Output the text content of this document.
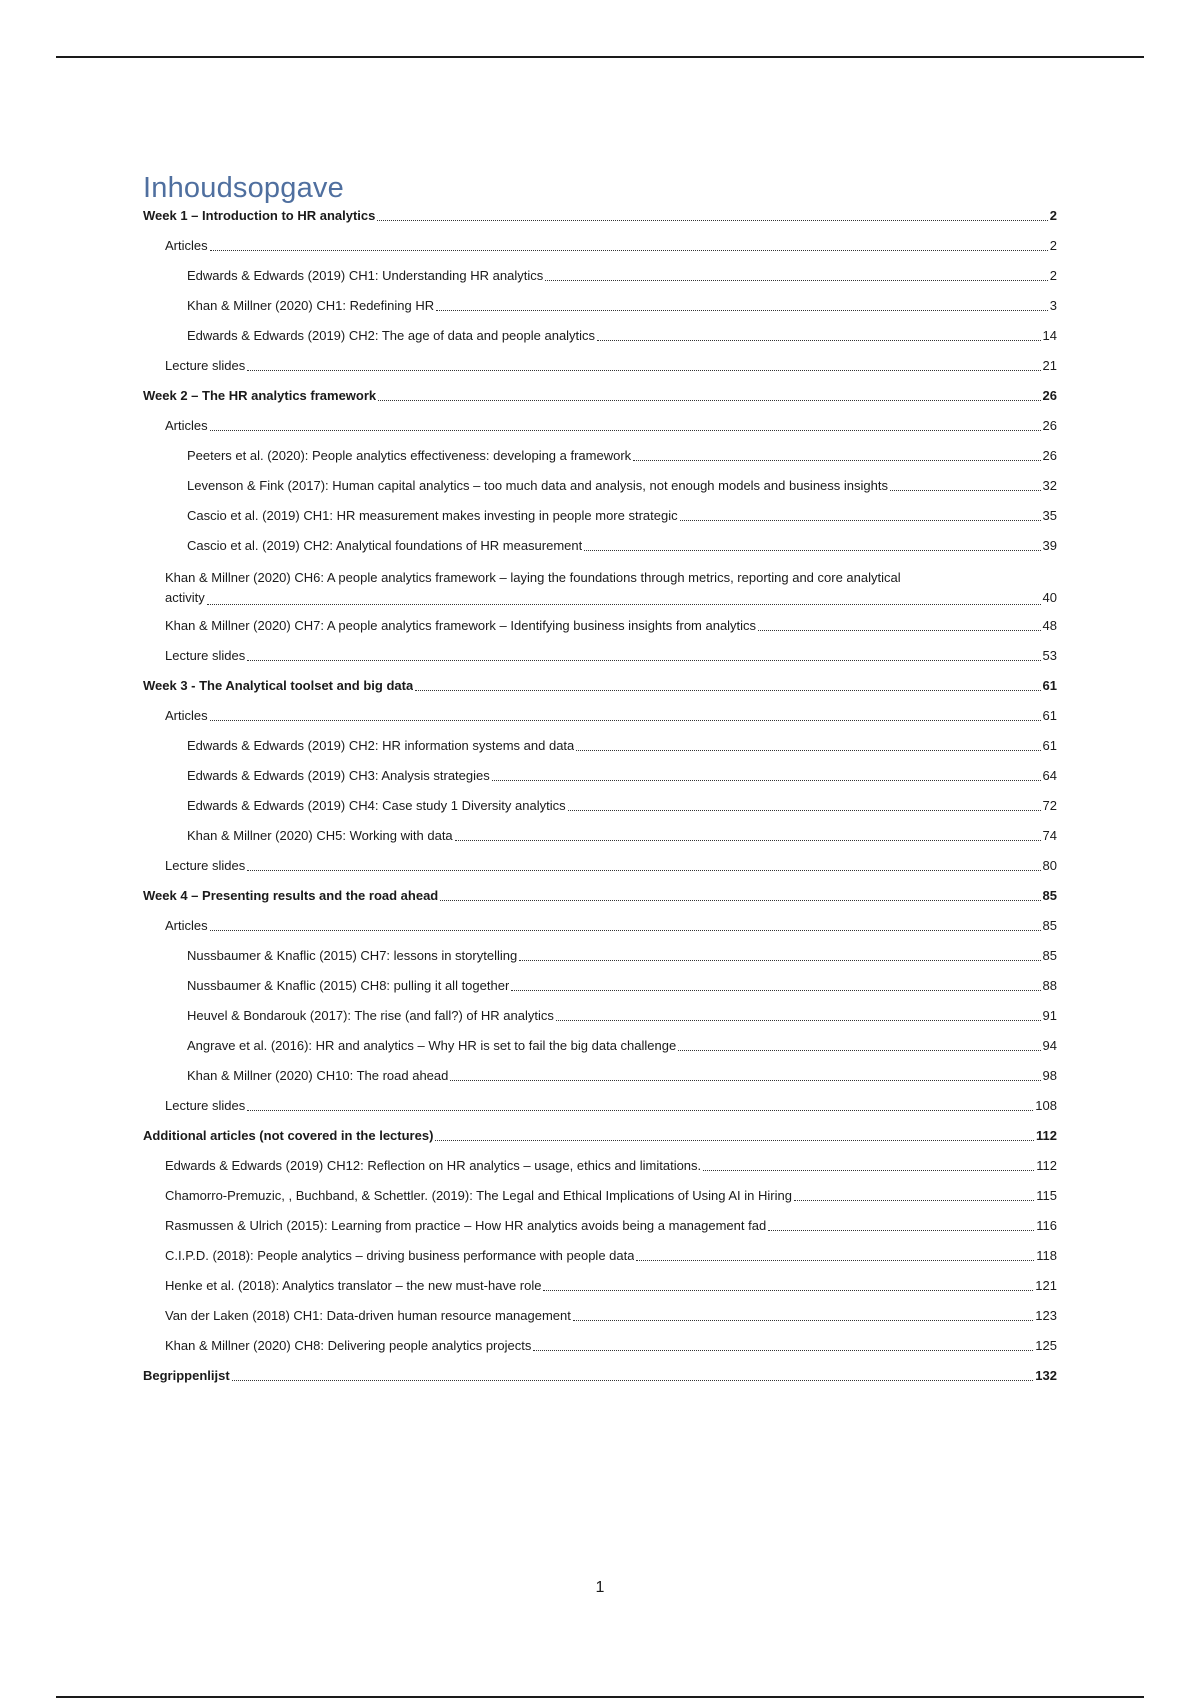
Inhoudsopgave
Week 1 – Introduction to HR analytics	2
Articles	2
Edwards & Edwards (2019) CH1: Understanding HR analytics	2
Khan & Millner (2020) CH1: Redefining HR	3
Edwards & Edwards (2019) CH2: The age of data and people analytics	14
Lecture slides	21
Week 2 – The HR analytics framework	26
Articles	26
Peeters et al. (2020): People analytics effectiveness: developing a framework	26
Levenson & Fink (2017): Human capital analytics – too much data and analysis, not enough models and business insights	32
Cascio et al. (2019) CH1: HR measurement makes investing in people more strategic	35
Cascio et al. (2019) CH2: Analytical foundations of HR measurement	39
Khan & Millner (2020) CH6: A people analytics framework – laying the foundations through metrics, reporting and core analytical
activity	40
Khan & Millner (2020) CH7: A people analytics framework – Identifying business insights from analytics	48
Lecture slides	53
Week 3 - The Analytical toolset and big data	61
Articles	61
Edwards & Edwards (2019) CH2: HR information systems and data	61
Edwards & Edwards (2019) CH3: Analysis strategies	64
Edwards & Edwards (2019) CH4: Case study 1 Diversity analytics	72
Khan & Millner (2020) CH5: Working with data	74
Lecture slides	80
Week 4 – Presenting results and the road ahead	85
Articles	85
Nussbaumer & Knaflic (2015) CH7: lessons in storytelling	85
Nussbaumer & Knaflic (2015) CH8: pulling it all together	88
Heuvel & Bondarouk (2017): The rise (and fall?) of HR analytics	91
Angrave et al. (2016): HR and analytics – Why HR is set to fail the big data challenge	94
Khan & Millner (2020) CH10: The road ahead	98
Lecture slides	108
Additional articles (not covered in the lectures)	112
Edwards & Edwards (2019) CH12: Reflection on HR analytics – usage, ethics and limitations.	112
Chamorro-Premuzic, , Buchband, & Schettler. (2019): The Legal and Ethical Implications of Using AI in Hiring	115
Rasmussen & Ulrich (2015): Learning from practice – How HR analytics avoids being a management fad	116
C.I.P.D. (2018): People analytics – driving business performance with people data	118
Henke et al. (2018): Analytics translator – the new must-have role	121
Van der Laken (2018) CH1: Data-driven human resource management	123
Khan & Millner (2020) CH8: Delivering people analytics projects	125
Begrippenlijst	132
1
